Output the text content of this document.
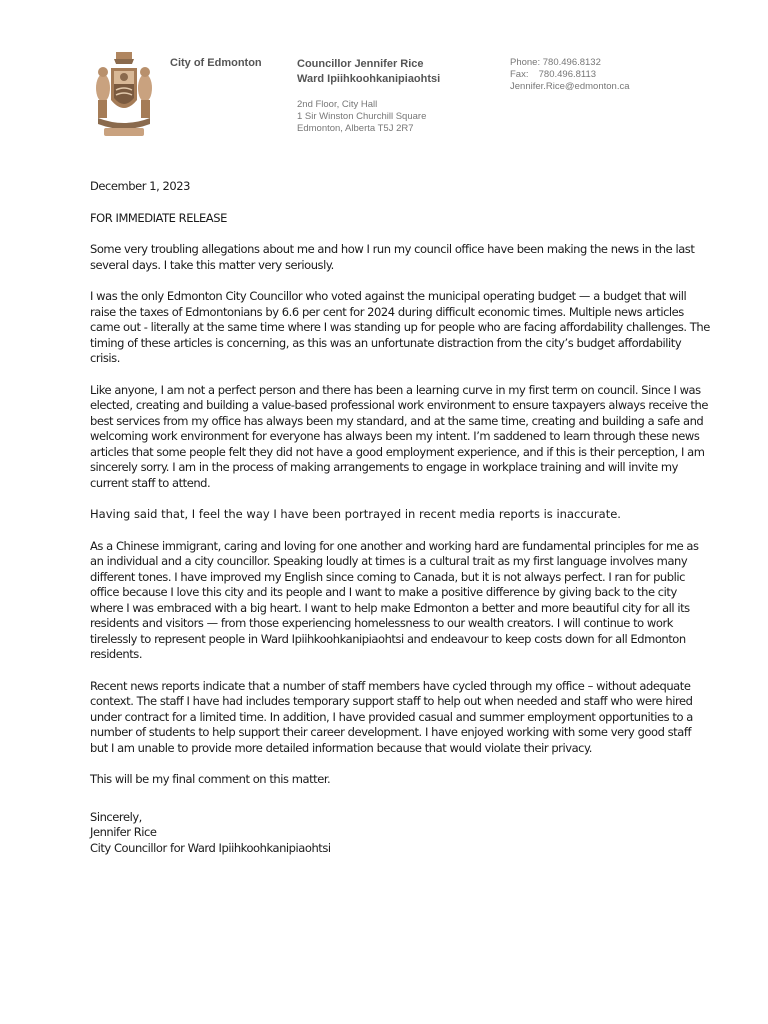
City of Edmonton	Councillor Jennifer Rice
Ward Ipiihkoohkanipiaohtsi
2nd Floor, City Hall
1 Sir Winston Churchill Square
Edmonton, Alberta T5J 2R7
Phone: 780.496.8132
Fax: 780.496.8113
Jennifer.Rice@edmonton.ca

December 1, 2023

FOR IMMEDIATE RELEASE

Some very troubling allegations about me and how I run my council office have been making the news in the last several days. I take this matter very seriously.

I was the only Edmonton City Councillor who voted against the municipal operating budget — a budget that will raise the taxes of Edmontonians by 6.6 per cent for 2024 during difficult economic times. Multiple news articles came out - literally at the same time where I was standing up for people who are facing affordability challenges. The timing of these articles is concerning, as this was an unfortunate distraction from the city’s budget affordability crisis.

Like anyone, I am not a perfect person and there has been a learning curve in my first term on council. Since I was elected, creating and building a value-based professional work environment to ensure taxpayers always receive the best services from my office has always been my standard, and at the same time, creating and building a safe and welcoming work environment for everyone has always been my intent. I’m saddened to learn through these news articles that some people felt they did not have a good employment experience, and if this is their perception, I am sincerely sorry. I am in the process of making arrangements to engage in workplace training and will invite my current staff to attend.

Having said that, I feel the way I have been portrayed in recent media reports is inaccurate.

As a Chinese immigrant, caring and loving for one another and working hard are fundamental principles for me as an individual and a city councillor. Speaking loudly at times is a cultural trait as my first language involves many different tones. I have improved my English since coming to Canada, but it is not always perfect. I ran for public office because I love this city and its people and I want to make a positive difference by giving back to the city where I was embraced with a big heart. I want to help make Edmonton a better and more beautiful city for all its residents and visitors — from those experiencing homelessness to our wealth creators. I will continue to work tirelessly to represent people in Ward Ipiihkoohkanipiaohtsi and endeavour to keep costs down for all Edmonton residents.

Recent news reports indicate that a number of staff members have cycled through my office – without adequate context. The staff I have had includes temporary support staff to help out when needed and staff who were hired under contract for a limited time. In addition, I have provided casual and summer employment opportunities to a number of students to help support their career development. I have enjoyed working with some very good staff but I am unable to provide more detailed information because that would violate their privacy.

This will be my final comment on this matter.

Sincerely,
Jennifer Rice
City Councillor for Ward Ipiihkoohkanipiaohtsi
